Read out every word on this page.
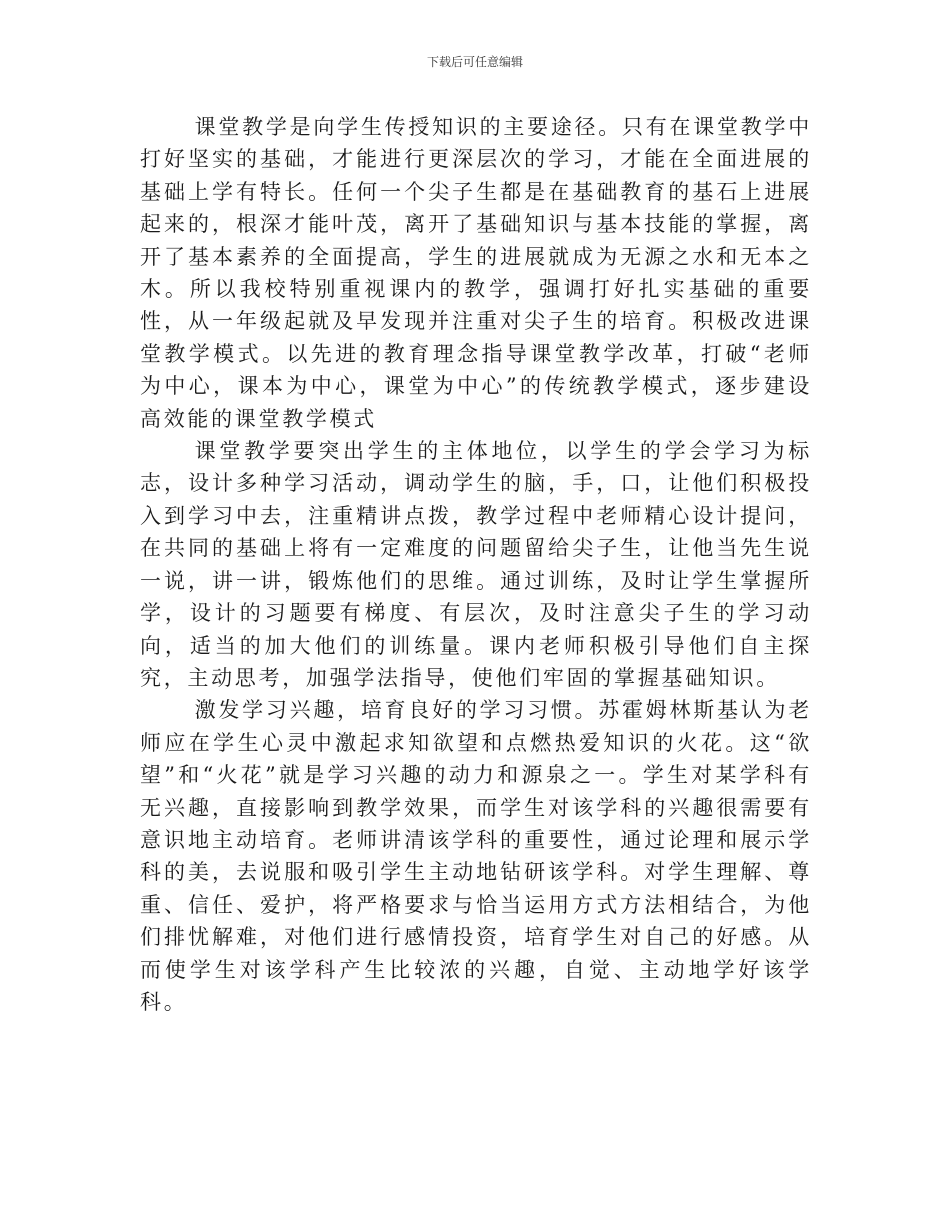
下载后可任意编辑

课堂教学是向学生传授知识的主要途径。只有在课堂教学中打好坚实的基础，才能进行更深层次的学习，才能在全面进展的基础上学有特长。任何一个尖子生都是在基础教育的基石上进展起来的，根深才能叶茂，离开了基础知识与基本技能的掌握，离开了基本素养的全面提高，学生的进展就成为无源之水和无本之木。所以我校特别重视课内的教学，强调打好扎实基础的重要性，从一年级起就及早发现并注重对尖子生的培育。积极改进课堂教学模式。以先进的教育理念指导课堂教学改革，打破“老师为中心，课本为中心，课堂为中心”的传统教学模式，逐步建设高效能的课堂教学模式

课堂教学要突出学生的主体地位，以学生的学会学习为标志，设计多种学习活动，调动学生的脑，手，口，让他们积极投入到学习中去，注重精讲点拨，教学过程中老师精心设计提问，在共同的基础上将有一定难度的问题留给尖子生，让他当先生说一说，讲一讲，锻炼他们的思维。通过训练，及时让学生掌握所学，设计的习题要有梯度、有层次，及时注意尖子生的学习动向，适当的加大他们的训练量。课内老师积极引导他们自主探究，主动思考，加强学法指导，使他们牢固的掌握基础知识。

激发学习兴趣，培育良好的学习习惯。苏霍姆林斯基认为老师应在学生心灵中激起求知欲望和点燃热爱知识的火花。这“欲望”和“火花”就是学习兴趣的动力和源泉之一。学生对某学科有无兴趣，直接影响到教学效果，而学生对该学科的兴趣很需要有意识地主动培育。老师讲清该学科的重要性，通过论理和展示学科的美，去说服和吸引学生主动地钻研该学科。对学生理解、尊重、信任、爱护，将严格要求与恰当运用方式方法相结合，为他们排忧解难，对他们进行感情投资，培育学生对自己的好感。从而使学生对该学科产生比较浓的兴趣，自觉、主动地学好该学科。
